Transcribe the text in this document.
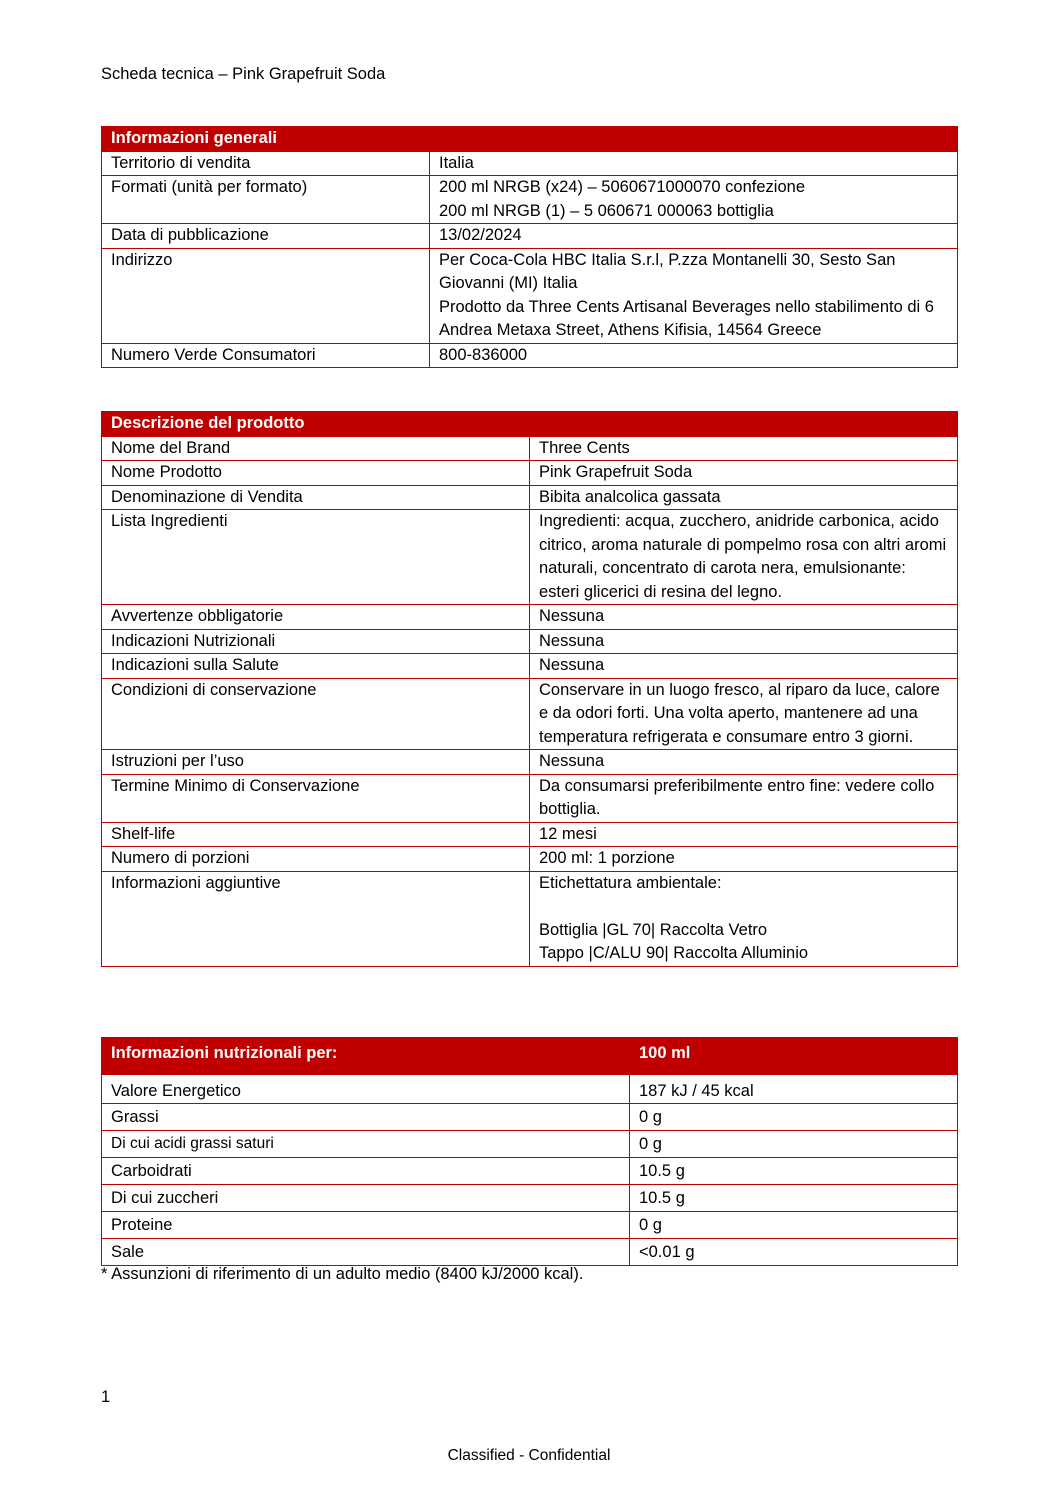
Scheda tecnica – Pink Grapefruit Soda
Informazioni generali	
Territorio di vendita	Italia
Formati (unità per formato)	200 ml NRGB (x24) – 5060671000070 confezione
200 ml NRGB (1) – 5 060671 000063 bottiglia
Data di pubblicazione	13/02/2024
Indirizzo	Per Coca-Cola HBC Italia S.r.l, P.zza Montanelli 30, Sesto San Giovanni (MI) Italia
Prodotto da Three Cents Artisanal Beverages nello stabilimento di 6 Andrea Metaxa Street, Athens Kifisia, 14564 Greece
Numero Verde Consumatori	800-836000
Descrizione del prodotto	
Nome del Brand	Three Cents
Nome Prodotto	Pink Grapefruit Soda
Denominazione di Vendita	Bibita analcolica gassata
Lista Ingredienti	Ingredienti: acqua, zucchero, anidride carbonica, acido citrico, aroma naturale di pompelmo rosa con altri aromi naturali, concentrato di carota nera, emulsionante: esteri glicerici di resina del legno.
Avvertenze obbligatorie	Nessuna
Indicazioni Nutrizionali	Nessuna
Indicazioni sulla Salute	Nessuna
Condizioni di conservazione	Conservare in un luogo fresco, al riparo da luce, calore e da odori forti. Una volta aperto, mantenere ad una temperatura refrigerata e consumare entro 3 giorni.
Istruzioni per l’uso	Nessuna
Termine Minimo di Conservazione	Da consumarsi preferibilmente entro fine: vedere collo bottiglia.
Shelf-life	12 mesi
Numero di porzioni	200 ml: 1 porzione
Informazioni aggiuntive	Etichettatura ambientale:

Bottiglia |GL 70| Raccolta Vetro
Tappo |C/ALU 90| Raccolta Alluminio
Informazioni nutrizionali per:	100 ml
Valore Energetico	187 kJ / 45 kcal
Grassi	0 g
Di cui acidi grassi saturi	0 g
Carboidrati	10.5 g
Di cui zuccheri	10.5 g
Proteine	0 g
Sale	<0.01 g
* Assunzioni di riferimento di un adulto medio (8400 kJ/2000 kcal).
1
Classified - Confidential
